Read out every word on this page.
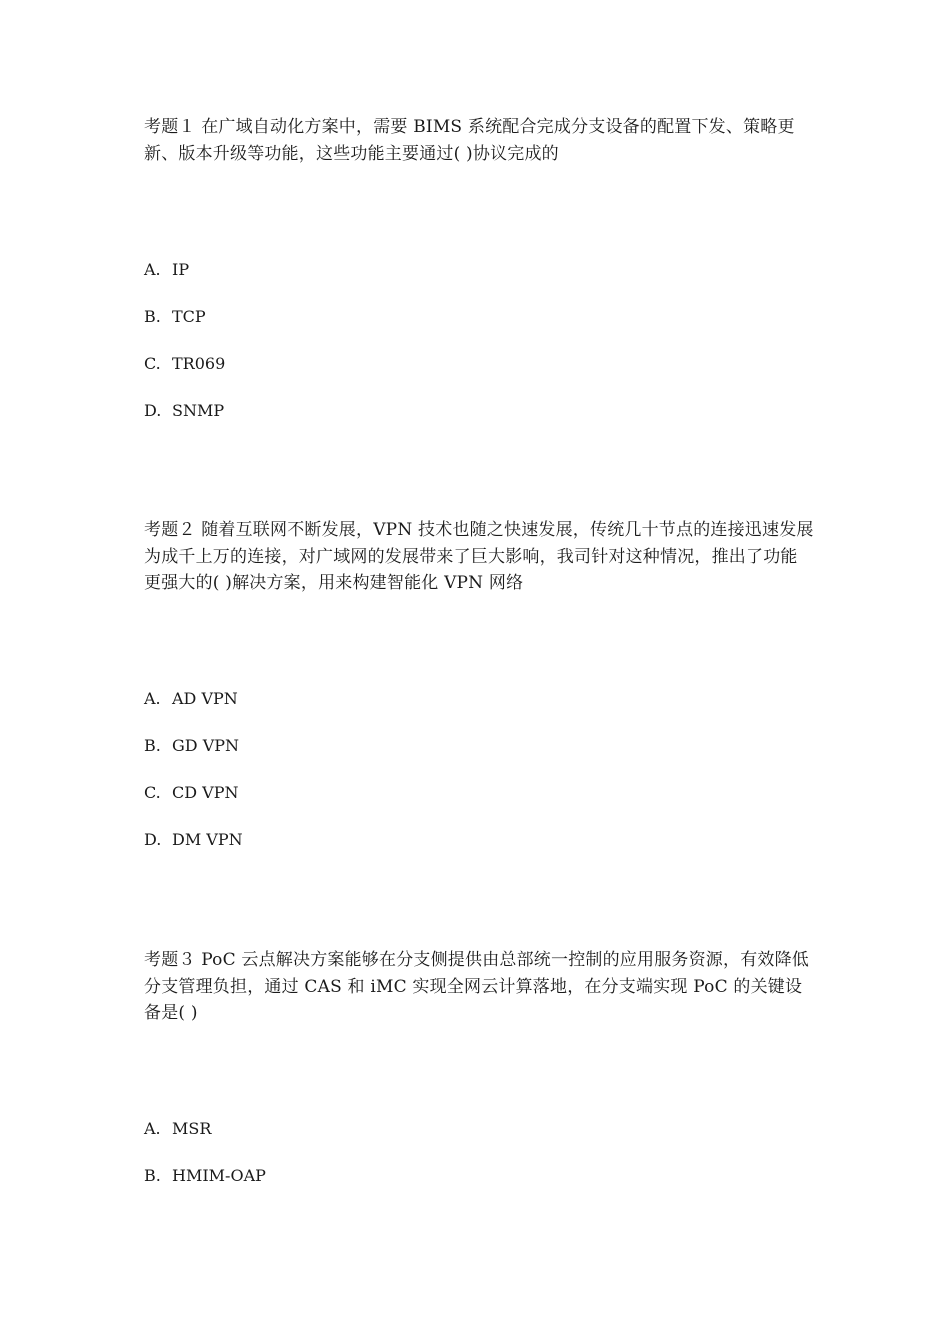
考题１ 在广域自动化方案中，需要 BIMS 系统配合完成分支设备的配置下发、策略更新、版本升级等功能，这些功能主要通过( )协议完成的

A. IP
B. TCP
C. TR069
D. SNMP

考题２ 随着互联网不断发展，VPN 技术也随之快速发展，传统几十节点的连接迅速发展为成千上万的连接，对广域网的发展带来了巨大影响，我司针对这种情况，推出了功能更强大的( )解决方案，用来构建智能化 VPN 网络

A. AD VPN
B. GD VPN
C. CD VPN
D. DM VPN

考题３ PoC 云点解决方案能够在分支侧提供由总部统一控制的应用服务资源，有效降低分支管理负担，通过 CAS 和 iMC 实现全网云计算落地，在分支端实现 PoC 的关键设备是( )

A. MSR
B. HMIM-OAP
